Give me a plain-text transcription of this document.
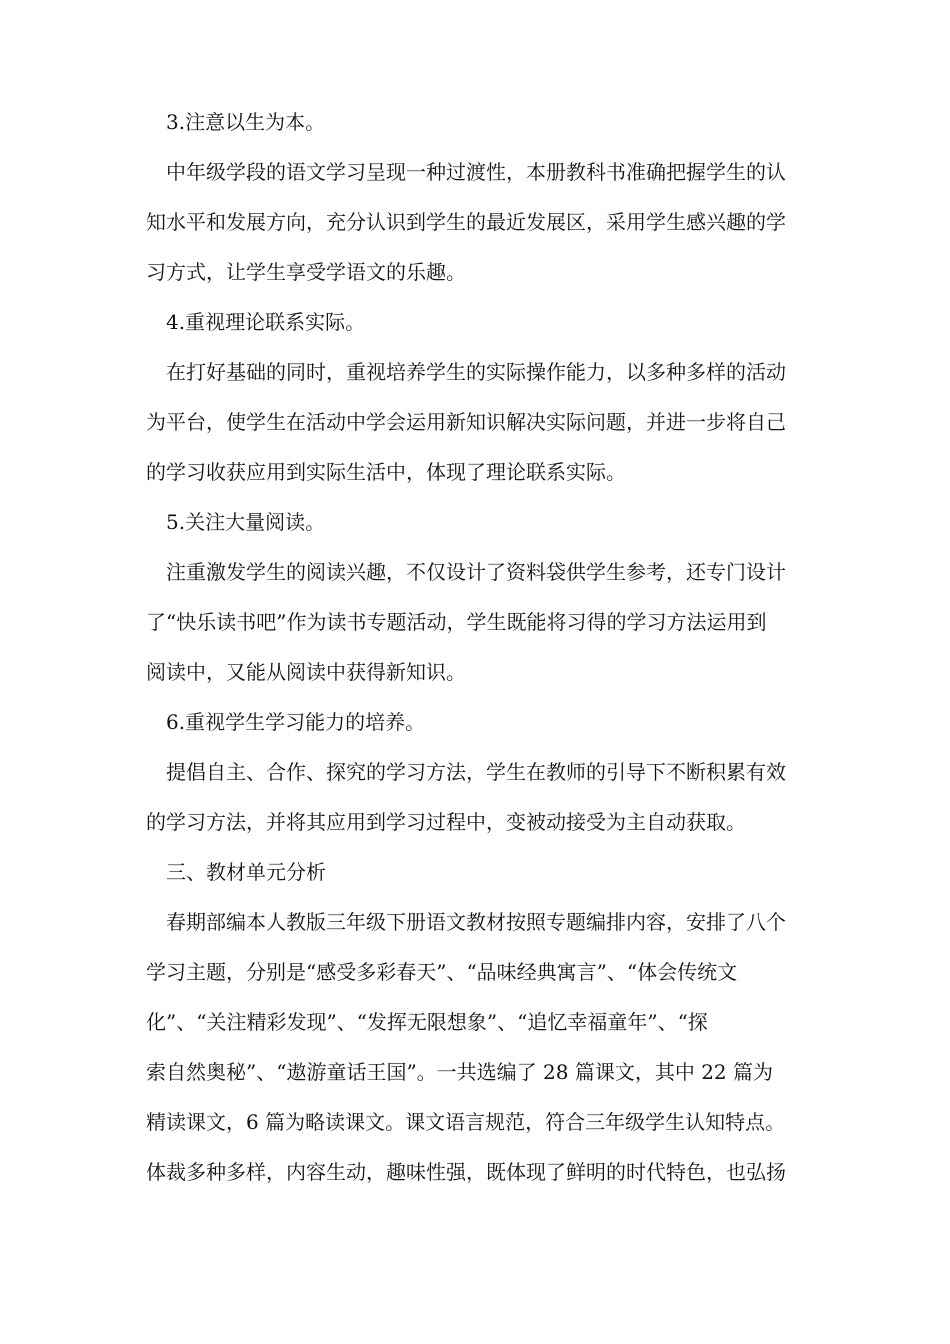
3.注意以生为本。
中年级学段的语文学习呈现一种过渡性，本册教科书准确把握学生的认
知水平和发展方向，充分认识到学生的最近发展区，采用学生感兴趣的学
习方式，让学生享受学语文的乐趣。
4.重视理论联系实际。
在打好基础的同时，重视培养学生的实际操作能力，以多种多样的活动
为平台，使学生在活动中学会运用新知识解决实际问题，并进一步将自己
的学习收获应用到实际生活中，体现了理论联系实际。
5.关注大量阅读。
注重激发学生的阅读兴趣，不仅设计了资料袋供学生参考，还专门设计
了“快乐读书吧”作为读书专题活动，学生既能将习得的学习方法运用到
阅读中，又能从阅读中获得新知识。
6.重视学生学习能力的培养。
提倡自主、合作、探究的学习方法，学生在教师的引导下不断积累有效
的学习方法，并将其应用到学习过程中，变被动接受为主自动获取。
三、教材单元分析
春期部编本人教版三年级下册语文教材按照专题编排内容，安排了八个
学习主题，分别是“感受多彩春天”、“品味经典寓言”、“体会传统文
化”、“关注精彩发现”、“发挥无限想象”、“追忆幸福童年”、“探
索自然奥秘”、“遨游童话王国”。一共选编了 28 篇课文，其中 22 篇为
精读课文，6 篇为略读课文。课文语言规范，符合三年级学生认知特点。
体裁多种多样，内容生动，趣味性强，既体现了鲜明的时代特色，也弘扬
